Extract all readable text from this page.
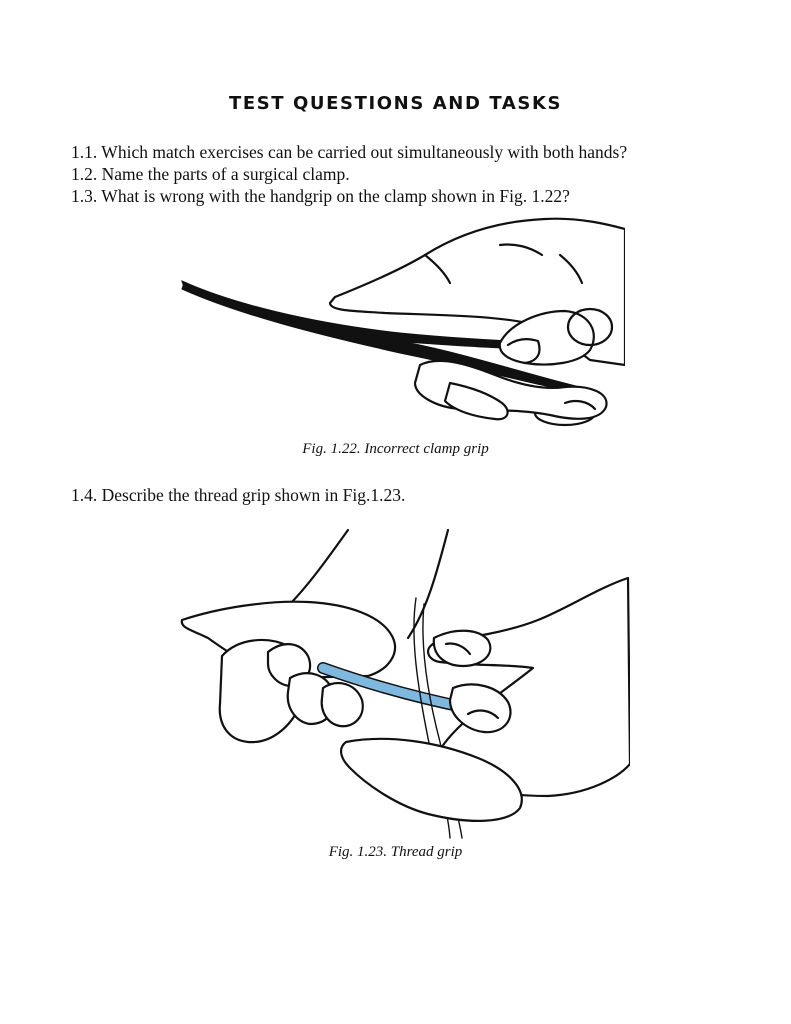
TEST QUESTIONS AND TASKS
1.1. Which match exercises can be carried out simultaneously with both hands?
1.2. Name the parts of a surgical clamp.
1.3. What is wrong with the handgrip on the clamp shown in Fig. 1.22?
Fig. 1.22. Incorrect clamp grip
1.4. Describe the thread grip shown in Fig.1.23.
Fig. 1.23. Thread grip
